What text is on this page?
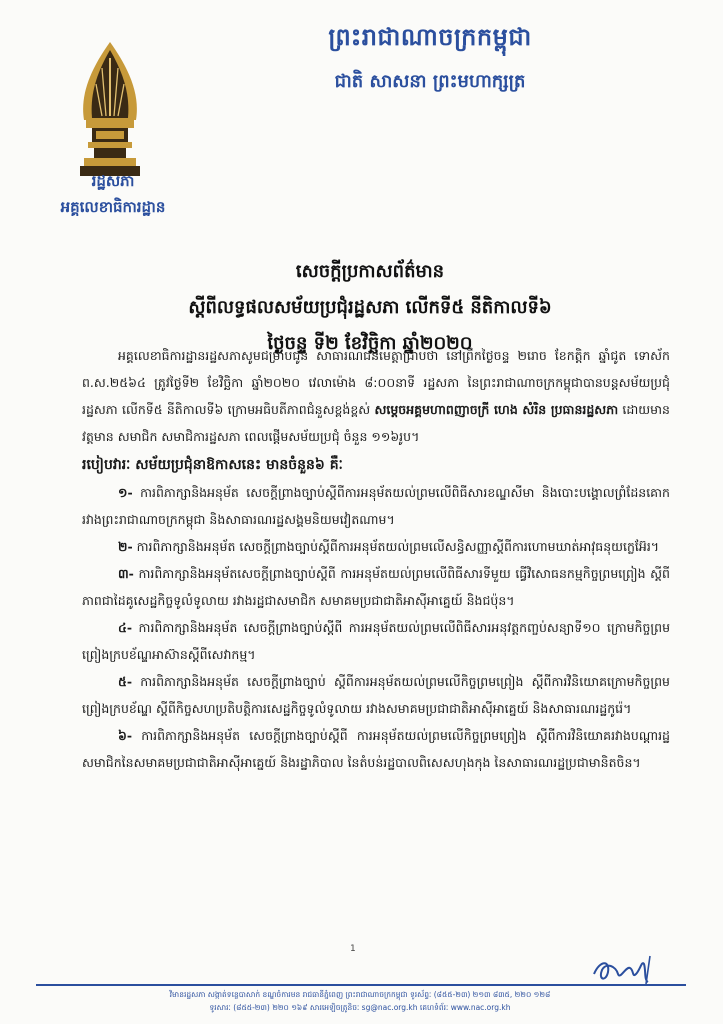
ព្រះរាជាណាចក្រកម្ពុជា
ជាតិ សាសនា ព្រះមហាក្សត្រ
រដ្ឋសភា
អគ្គលេខាធិការដ្ឋាន
សេចក្តីប្រកាសព័ត៌មាន
ស្តីពីលទ្ធផលសម័យប្រជុំរដ្ឋសភា លើកទី៥ នីតិកាលទី៦
ថ្ងៃចន្ទ ទី២ ខែវិច្ឆិកា ឆ្នាំ២០២០

អគ្គលេខាធិការដ្ឋានរដ្ឋសភាសូមជម្រាបជូន សាធារណជនមេត្តាជ្រាបថា នៅព្រឹកថ្ងៃចន្ទ ២រោច ខែកត្តិក ឆ្នាំជូត ទោស័ក ព.ស.២៥៦៤ ត្រូវថ្ងៃទី២ ខែវិច្ឆិកា ឆ្នាំ២០២០ វេលាម៉ោង ៨:០០នាទី រដ្ឋសភា នៃព្រះរាជាណាចក្រកម្ពុជាបានបន្តសម័យប្រជុំរដ្ឋសភា លើកទី៥ នីតិកាលទី៦ ក្រោមអធិបតីភាពជំនួសខ្ពង់ខ្ពស់ សម្តេចអគ្គមហាពញាចក្រី ហេង សំរិន ប្រធានរដ្ឋសភា ដោយមានវត្តមាន សមាជិក សមាជិការដ្ឋសភា ពេលផ្តើមសម័យប្រជុំ ចំនួន ១១៦រូប។

របៀបវារៈ សម័យប្រជុំនាឱកាសនេះ មានចំនួន៦ គឺៈ

១- ការពិភាក្សានិងអនុម័ត សេចក្តីព្រាងច្បាប់ស្តីពីការអនុម័តយល់ព្រមលើពិធីសារខណ្ឌសីមា និងបោះបង្គោលព្រំដែនគោករវាងព្រះរាជាណាចក្រកម្ពុជា និងសាធារណរដ្ឋសង្គមនិយមវៀតណាម។

២- ការពិភាក្សានិងអនុម័ត សេចក្តីព្រាងច្បាប់ស្តីពីការអនុម័តយល់ព្រមលើសន្ធិសញ្ញាស្តីពីការហោមឃាត់អាវុធនុយក្លេអ៊ែរ។

៣- ការពិភាក្សានិងអនុម័តសេចក្តីព្រាងច្បាប់ស្តីពី ការអនុម័តយល់ព្រមលើពិធីសារទីមួយ ធ្វើវិសោធនកម្មកិច្ចព្រមព្រៀង ស្តីពីភាពជាដៃគូសេដ្ឋកិច្ចទូលំទូលាយ រវាងរដ្ឋជាសមាជិក សមាគមប្រជាជាតិអាស៊ីអាគ្នេយ៍ និងជប៉ុន។

៤- ការពិភាក្សានិងអនុម័ត សេចក្តីព្រាងច្បាប់ស្តីពី ការអនុម័តយល់ព្រមលើពិធីសារអនុវត្តកញ្ចប់សន្យាទី១០ ក្រោមកិច្ចព្រមព្រៀងក្របខ័ណ្ឌអាស៊ានស្តីពីសេវាកម្ម។

៥- ការពិភាក្សានិងអនុម័ត សេចក្តីព្រាងច្បាប់ ស្តីពីការអនុម័តយល់ព្រមលើកិច្ចព្រមព្រៀង ស្តីពីការវិនិយោគក្រោមកិច្ចព្រមព្រៀងក្របខ័ណ្ឌ ស្តីពីកិច្ចសហប្រតិបត្តិការសេដ្ឋកិច្ចទូលំទូលាយ រវាងសមាគមប្រជាជាតិអាស៊ីអាគ្នេយ៍ និងសាធារណរដ្ឋកូរ៉េ។

៦- ការពិភាក្សានិងអនុម័ត សេចក្តីព្រាងច្បាប់ស្តីពី ការអនុម័តយល់ព្រមលើកិច្ចព្រមព្រៀង ស្តីពីការវិនិយោគរវាងបណ្តារដ្ឋសមាជិកនៃសមាគមប្រជាជាតិអាស៊ីអាគ្នេយ៍ និងរដ្ឋាភិបាល នៃតំបន់រដ្ឋបាលពិសេសហុងកុង នៃសាធារណរដ្ឋប្រជាមានិតចិន។

1
វិមានរដ្ឋសភា សង្កាត់ទន្លេបាសាក់ ខណ្ឌចំការមន រាជធានីភ្នំពេញ ព្រះរាជាណាចក្រកម្ពុជា ទូរស័ព្ទៈ (៨៥៥-២៣) ២១៣ ៨៣៥, ២២០ ១២៨
ទូរសារៈ (៨៥៥-២៣) ២២០ ១៦៩ សារអេឡិចត្រូនិចៈ sg@nac.org.kh គេហទំព័រៈ www.nac.org.kh
